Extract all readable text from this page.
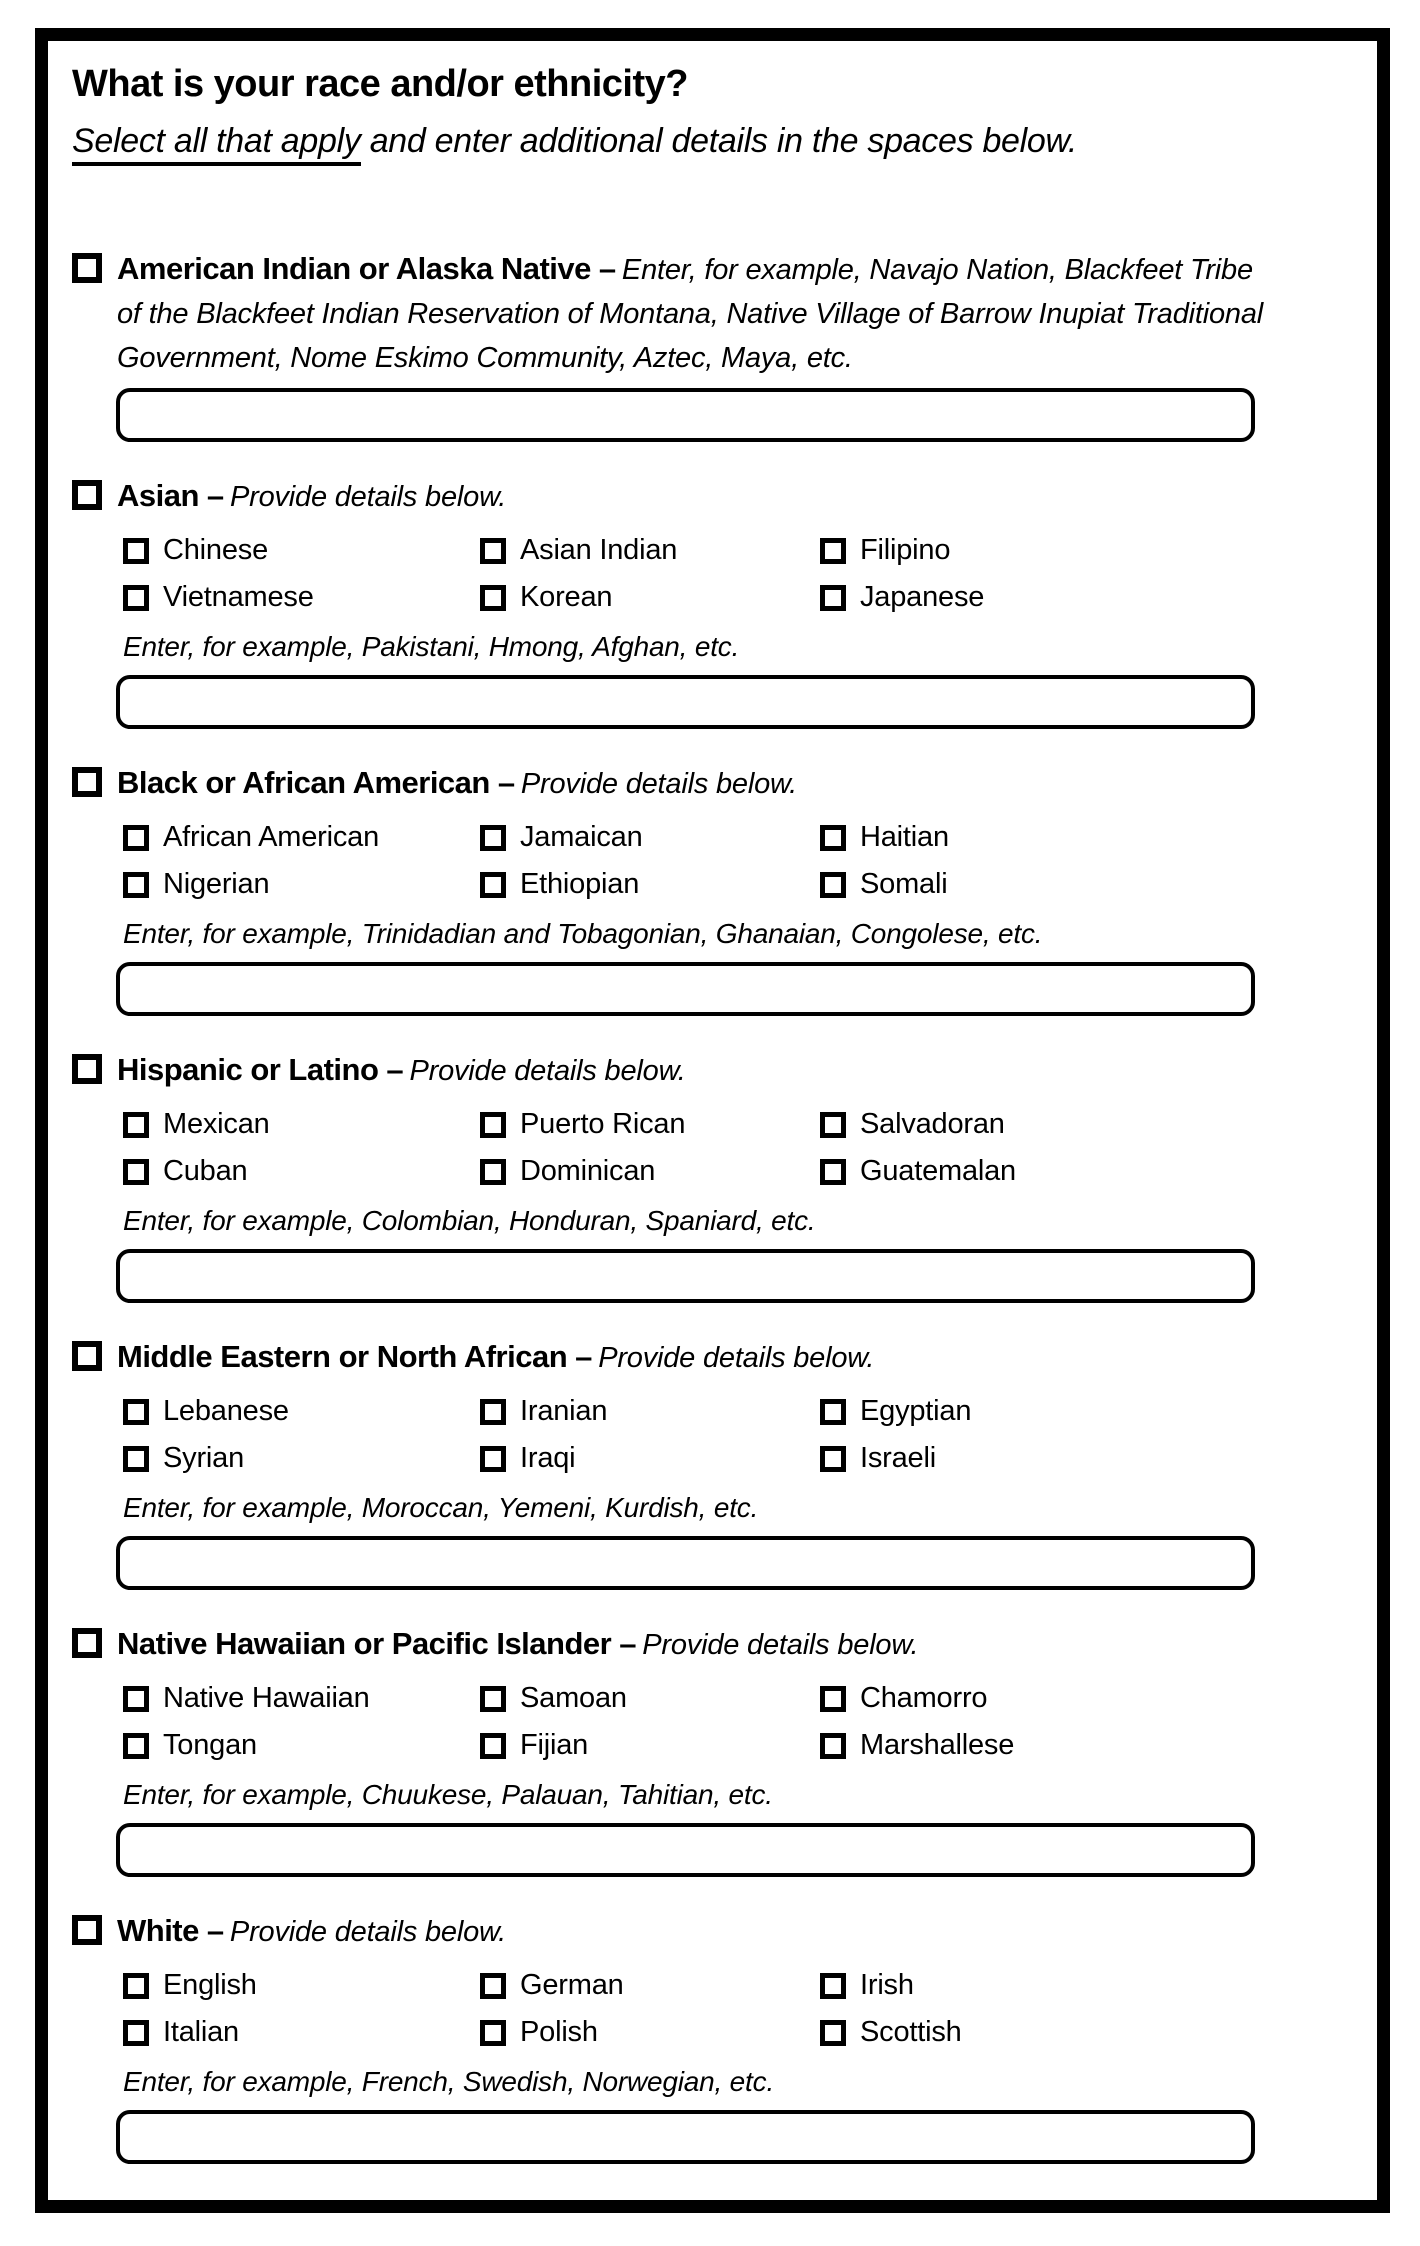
What is your race and/or ethnicity?
Select all that apply and enter additional details in the spaces below.
American Indian or Alaska Native – Enter, for example, Navajo Nation, Blackfeet Tribe of the Blackfeet Indian Reservation of Montana, Native Village of Barrow Inupiat Traditional Government, Nome Eskimo Community, Aztec, Maya, etc.
Asian – Provide details below.
Chinese	Asian Indian	Filipino
Vietnamese	Korean	Japanese
Enter, for example, Pakistani, Hmong, Afghan, etc.
Black or African American – Provide details below.
African American	Jamaican	Haitian
Nigerian	Ethiopian	Somali
Enter, for example, Trinidadian and Tobagonian, Ghanaian, Congolese, etc.
Hispanic or Latino – Provide details below.
Mexican	Puerto Rican	Salvadoran
Cuban	Dominican	Guatemalan
Enter, for example, Colombian, Honduran, Spaniard, etc.
Middle Eastern or North African – Provide details below.
Lebanese	Iranian	Egyptian
Syrian	Iraqi	Israeli
Enter, for example, Moroccan, Yemeni, Kurdish, etc.
Native Hawaiian or Pacific Islander – Provide details below.
Native Hawaiian	Samoan	Chamorro
Tongan	Fijian	Marshallese
Enter, for example, Chuukese, Palauan, Tahitian, etc.
White – Provide details below.
English	German	Irish
Italian	Polish	Scottish
Enter, for example, French, Swedish, Norwegian, etc.
